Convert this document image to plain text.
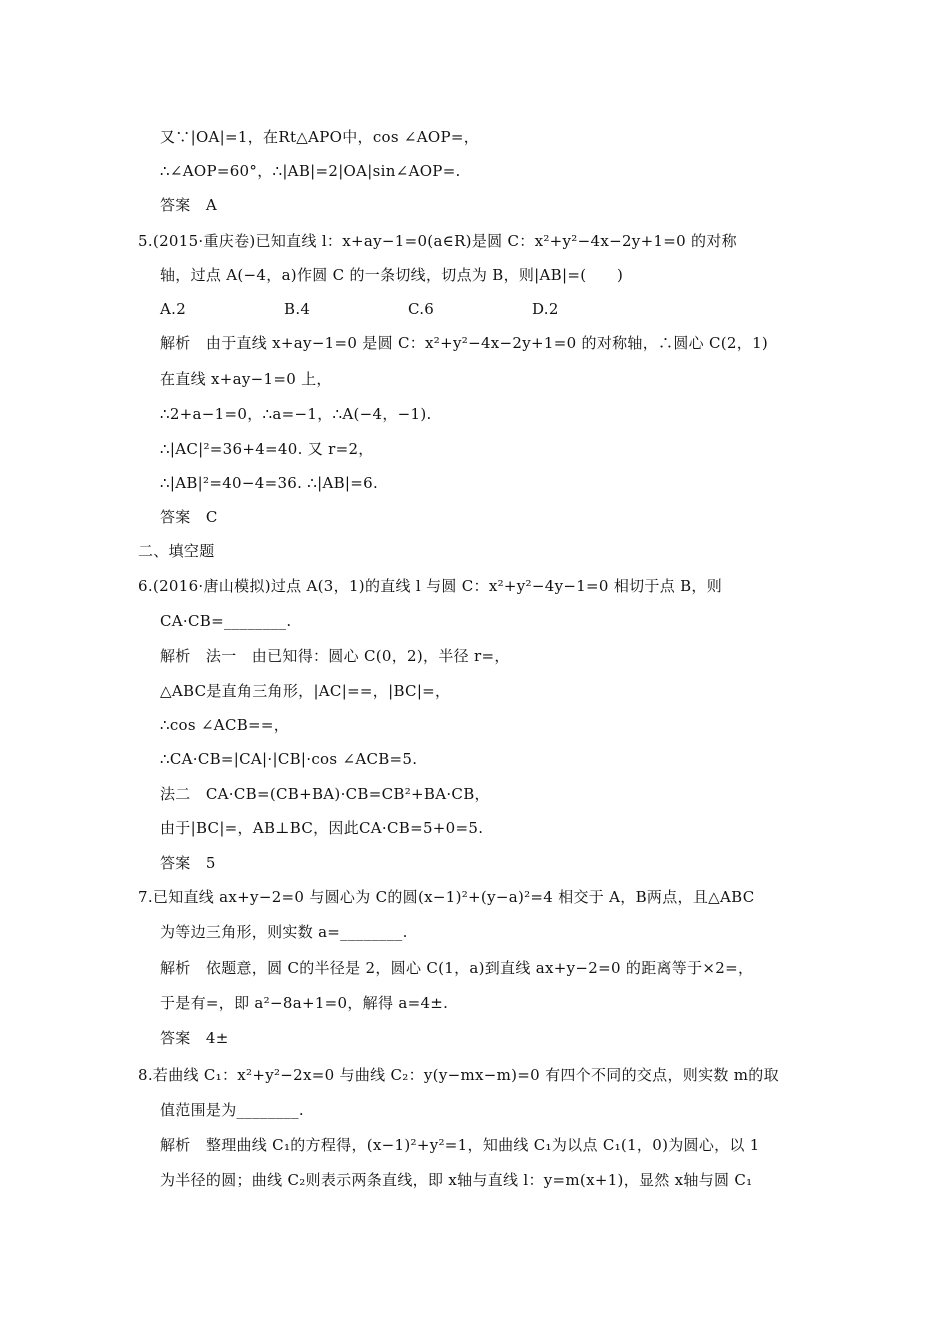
又∵|OA|=1，在Rt△APO中，cos ∠AOP=，
∴∠AOP=60°，∴|AB|=2|OA|sin∠AOP=.
答案　A
5.(2015·重庆卷)已知直线 l：x+ay−1=0(a∈R)是圆 C：x²+y²−4x−2y+1=0 的对称
轴，过点 A(−4，a)作圆 C 的一条切线，切点为 B，则|AB|=(　　)
A.2	B.4	C.6	D.2
解析　由于直线 x+ay−1=0 是圆 C：x²+y²−4x−2y+1=0 的对称轴，∴圆心 C(2，1)
在直线 x+ay−1=0 上，
∴2+a−1=0，∴a=−1，∴A(−4，−1).
∴|AC|²=36+4=40. 又 r=2，
∴|AB|²=40−4=36. ∴|AB|=6.
答案　C
二、填空题
6.(2016·唐山模拟)过点 A(3，1)的直线 l 与圆 C：x²+y²−4y−1=0 相切于点 B，则
CA·CB=________.
解析　法一　由已知得：圆心 C(0，2)，半径 r=，
△ABC是直角三角形，|AC|==，|BC|=，
∴cos ∠ACB==，
∴CA·CB=|CA|·|CB|·cos ∠ACB=5.
法二　CA·CB=(CB+BA)·CB=CB²+BA·CB，
由于|BC|=，AB⊥BC，因此CA·CB=5+0=5.
答案　5
7.已知直线 ax+y−2=0 与圆心为 C的圆(x−1)²+(y−a)²=4 相交于 A，B两点，且△ABC
为等边三角形，则实数 a=________.
解析　依题意，圆 C的半径是 2，圆心 C(1，a)到直线 ax+y−2=0 的距离等于×2=，
于是有=，即 a²−8a+1=0，解得 a=4±.
答案　4±
8.若曲线 C₁：x²+y²−2x=0 与曲线 C₂：y(y−mx−m)=0 有四个不同的交点，则实数 m的取
值范围是为________.
解析　整理曲线 C₁的方程得，(x−1)²+y²=1，知曲线 C₁为以点 C₁(1，0)为圆心，以 1
为半径的圆；曲线 C₂则表示两条直线，即 x轴与直线 l：y=m(x+1)，显然 x轴与圆 C₁
